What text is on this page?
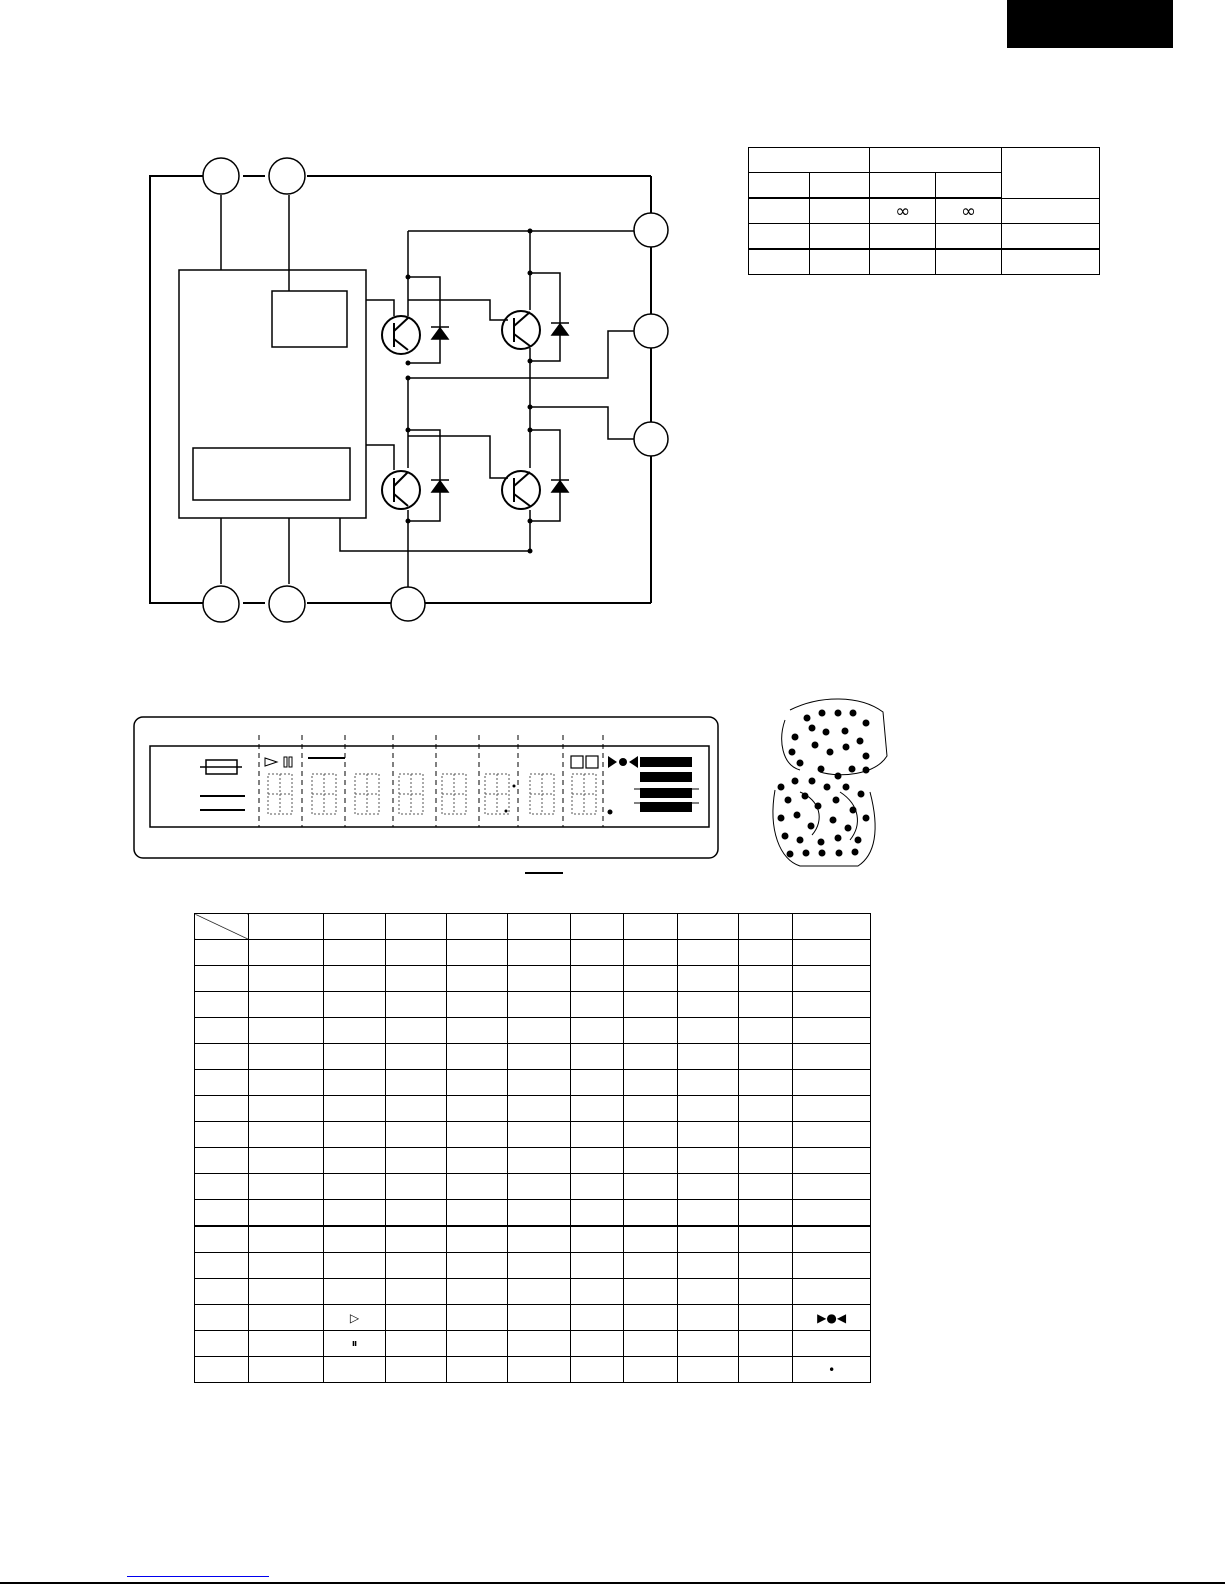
		∞	∞	

		▷								▶●◀
		⏸								
										•
